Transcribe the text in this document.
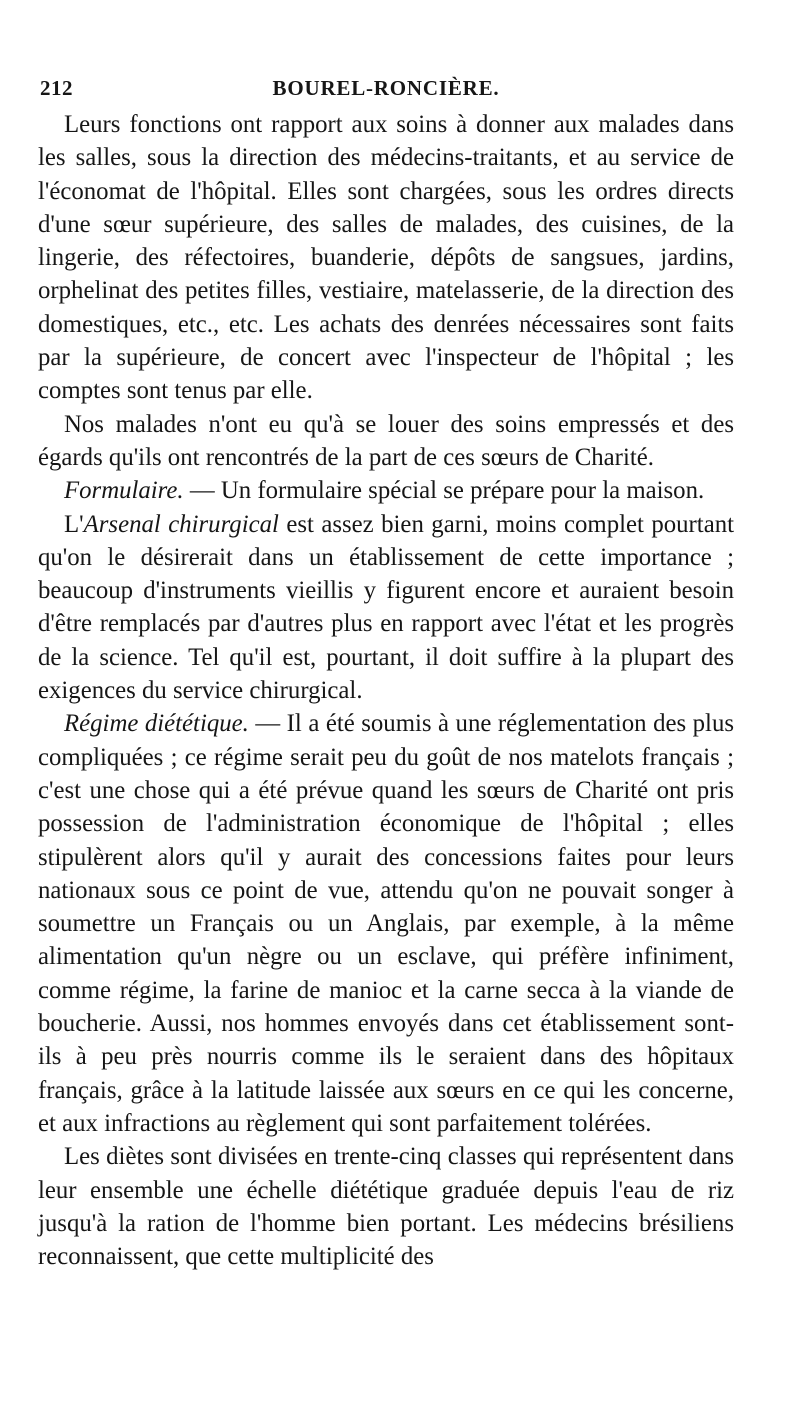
212	BOUREL-RONCIÈRE.

Leurs fonctions ont rapport aux soins à donner aux malades dans les salles, sous la direction des médecins-traitants, et au service de l'économat de l'hôpital. Elles sont chargées, sous les ordres directs d'une sœur supérieure, des salles de malades, des cuisines, de la lingerie, des réfectoires, buanderie, dépôts de sangsues, jardins, orphelinat des petites filles, vestiaire, matelasserie, de la direction des domestiques, etc., etc. Les achats des denrées nécessaires sont faits par la supérieure, de concert avec l'inspecteur de l'hôpital ; les comptes sont tenus par elle.

Nos malades n'ont eu qu'à se louer des soins empressés et des égards qu'ils ont rencontrés de la part de ces sœurs de Charité.

Formulaire. — Un formulaire spécial se prépare pour la maison.

L'Arsenal chirurgical est assez bien garni, moins complet pourtant qu'on le désirerait dans un établissement de cette importance ; beaucoup d'instruments vieillis y figurent encore et auraient besoin d'être remplacés par d'autres plus en rapport avec l'état et les progrès de la science. Tel qu'il est, pourtant, il doit suffire à la plupart des exigences du service chirurgical.

Régime diététique. — Il a été soumis à une réglementation des plus compliquées ; ce régime serait peu du goût de nos matelots français ; c'est une chose qui a été prévue quand les sœurs de Charité ont pris possession de l'administration économique de l'hôpital ; elles stipulèrent alors qu'il y aurait des concessions faites pour leurs nationaux sous ce point de vue, attendu qu'on ne pouvait songer à soumettre un Français ou un Anglais, par exemple, à la même alimentation qu'un nègre ou un esclave, qui préfère infiniment, comme régime, la farine de manioc et la carne secca à la viande de boucherie. Aussi, nos hommes envoyés dans cet établissement sont-ils à peu près nourris comme ils le seraient dans des hôpitaux français, grâce à la latitude laissée aux sœurs en ce qui les concerne, et aux infractions au règlement qui sont parfaitement tolérées.

Les diètes sont divisées en trente-cinq classes qui représentent dans leur ensemble une échelle diététique graduée depuis l'eau de riz jusqu'à la ration de l'homme bien portant. Les médecins brésiliens reconnaissent, que cette multiplicité des
